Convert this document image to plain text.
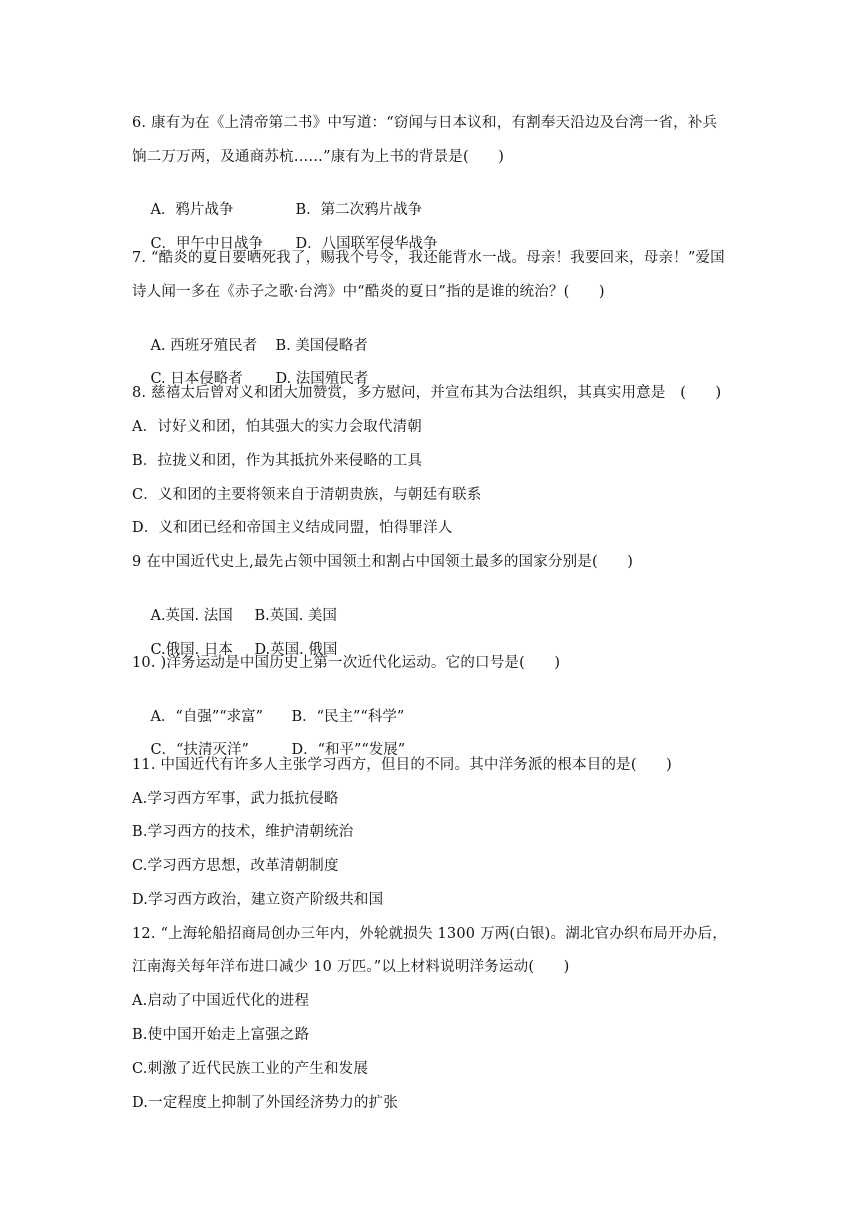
6. 康有为在《上清帝第二书》中写道：“窃闻与日本议和，有割奉天沿边及台湾一省，补兵
饷二万万两，及通商苏杭……”康有为上书的背景是(　　)

A．鸦片战争	B．第二次鸦片战争

C．甲午中日战争 D．八国联军侵华战争

7. “酷炎的夏日要晒死我了，赐我个号令，我还能背水一战。母亲！我要回来，母亲！”爱国
诗人闻一多在《赤子之歌·台湾》中“酷炎的夏日”指的是谁的统治？(　　)

A. 西班牙殖民者 B. 美国侵略者

C. 日本侵略者 D. 法国殖民者

8. 慈禧太后曾对义和团大加赞赏，多方慰问，并宣布其为合法组织，其真实用意是　(　　)
A．讨好义和团，怕其强大的实力会取代清朝
B．拉拢义和团，作为其抵抗外来侵略的工具
C．义和团的主要将领来自于清朝贵族，与朝廷有联系
D．义和团已经和帝国主义结成同盟，怕得罪洋人
9 在中国近代史上,最先占领中国领土和割占中国领土最多的国家分别是(　　)

A.英国. 法国 B.英国. 美国

C.俄国. 日本 D.英国. 俄国

10. )洋务运动是中国历史上第一次近代化运动。它的口号是(　　)

A．“自强”“求富” B．“民主”“科学”

C．“扶清灭洋”	D．“和平”“发展”

11. 中国近代有许多人主张学习西方，但目的不同。其中洋务派的根本目的是(　　)
A.学习西方军事，武力抵抗侵略
B.学习西方的技术，维护清朝统治
C.学习西方思想，改革清朝制度
D.学习西方政治，建立资产阶级共和国
12. “上海轮船招商局创办三年内，外轮就损失 1300 万两(白银)。湖北官办织布局开办后，
江南海关每年洋布进口减少 10 万匹。”以上材料说明洋务运动(　　)
A.启动了中国近代化的进程
B.使中国开始走上富强之路
C.刺激了近代民族工业的产生和发展
D.一定程度上抑制了外国经济势力的扩张
